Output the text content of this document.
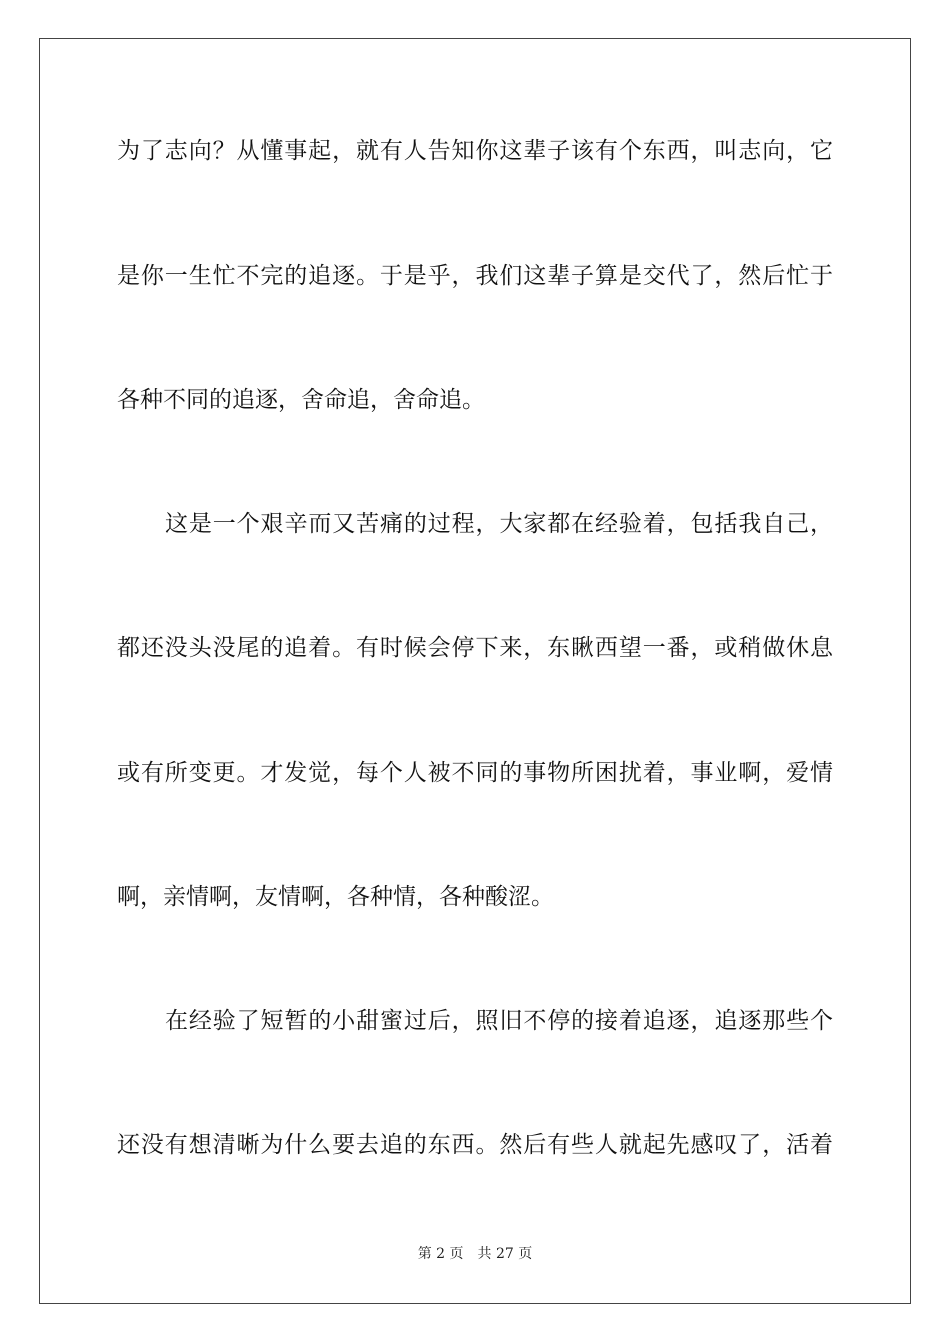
为了志向？从懂事起，就有人告知你这辈子该有个东西，叫志向，它
是你一生忙不完的追逐。于是乎，我们这辈子算是交代了，然后忙于
各种不同的追逐，舍命追，舍命追。
这是一个艰辛而又苦痛的过程，大家都在经验着，包括我自己，
都还没头没尾的追着。有时候会停下来，东瞅西望一番，或稍做休息
或有所变更。才发觉，每个人被不同的事物所困扰着，事业啊，爱情
啊，亲情啊，友情啊，各种情，各种酸涩。
在经验了短暂的小甜蜜过后，照旧不停的接着追逐，追逐那些个
还没有想清晰为什么要去追的东西。然后有些人就起先感叹了，活着
第 2 页 共 27 页
